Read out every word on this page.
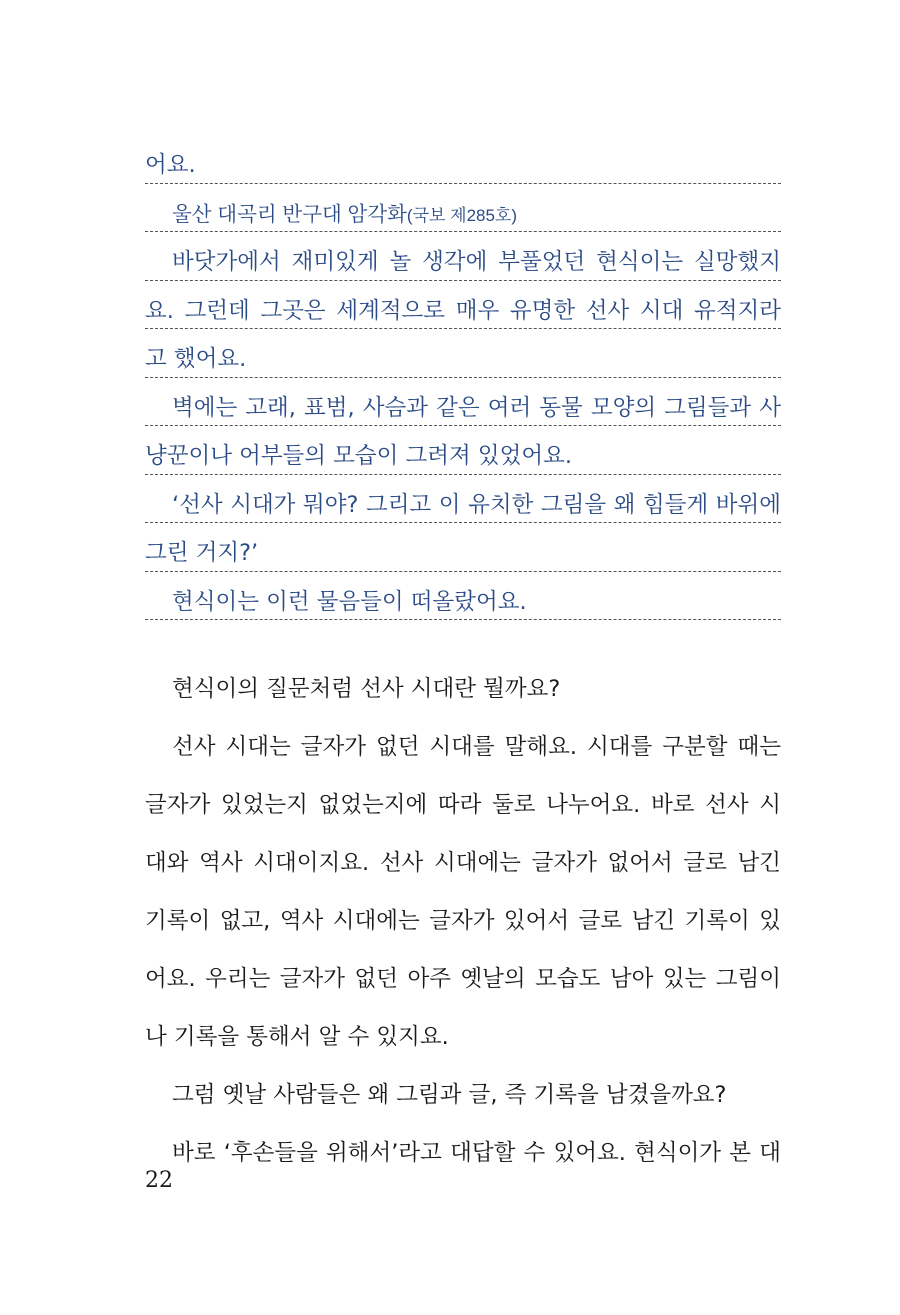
어요.
울산 대곡리 반구대 암각화(국보 제285호)
바닷가에서 재미있게 놀 생각에 부풀었던 현식이는 실망했지
요. 그런데 그곳은 세계적으로 매우 유명한 선사 시대 유적지라
고 했어요.
벽에는 고래, 표범, 사슴과 같은 여러 동물 모양의 그림들과 사
냥꾼이나 어부들의 모습이 그려져 있었어요.
‘선사 시대가 뭐야? 그리고 이 유치한 그림을 왜 힘들게 바위에
그린 거지?’
현식이는 이런 물음들이 떠올랐어요.
현식이의 질문처럼 선사 시대란 뭘까요?
선사 시대는 글자가 없던 시대를 말해요. 시대를 구분할 때는
글자가 있었는지 없었는지에 따라 둘로 나누어요. 바로 선사 시
대와 역사 시대이지요. 선사 시대에는 글자가 없어서 글로 남긴
기록이 없고, 역사 시대에는 글자가 있어서 글로 남긴 기록이 있
어요. 우리는 글자가 없던 아주 옛날의 모습도 남아 있는 그림이
나 기록을 통해서 알 수 있지요.
그럼 옛날 사람들은 왜 그림과 글, 즉 기록을 남겼을까요?
바로 ‘후손들을 위해서’라고 대답할 수 있어요. 현식이가 본 대
22
